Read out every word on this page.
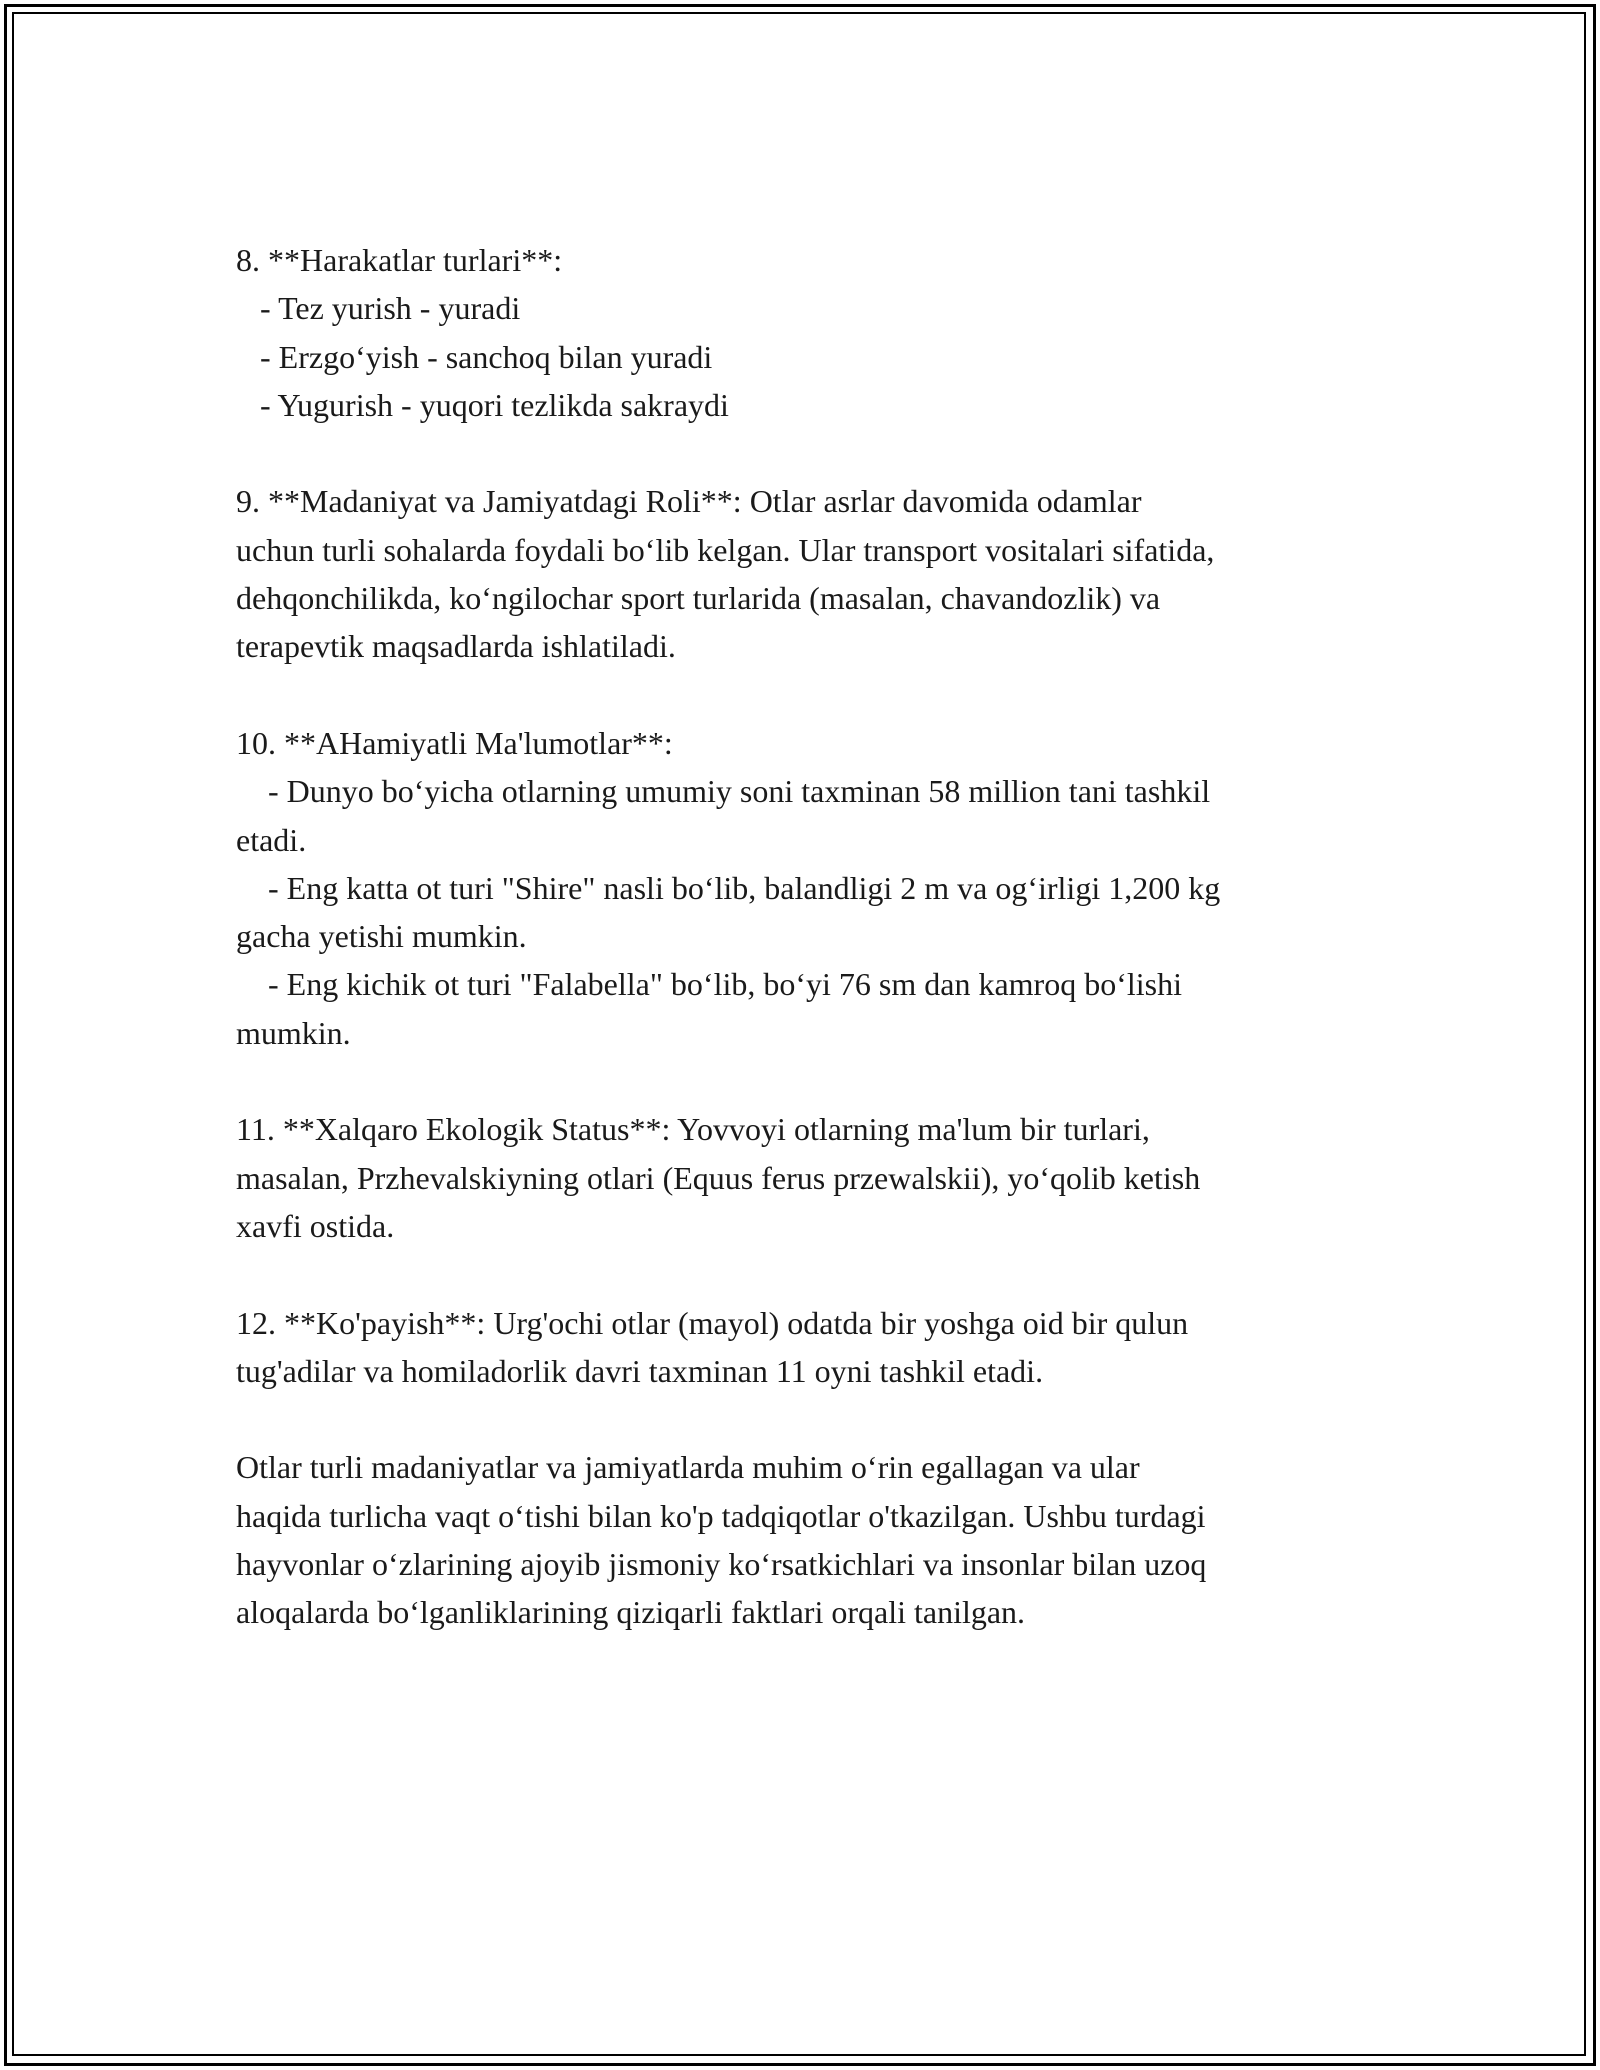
8. **Harakatlar turlari**:
- Tez yurish - yuradi
- Erzgoʻyish - sanchoq bilan yuradi
- Yugurish - yuqori tezlikda sakraydi
9. **Madaniyat va Jamiyatdagi Roli**: Otlar asrlar davomida odamlar
uchun turli sohalarda foydali boʻlib kelgan. Ular transport vositalari sifatida,
dehqonchilikda, koʻngilochar sport turlarida (masalan, chavandozlik) va
terapevtik maqsadlarda ishlatiladi.
10. **AHamiyatli Ma'lumotlar**:
- Dunyo boʻyicha otlarning umumiy soni taxminan 58 million tani tashkil
etadi.
- Eng katta ot turi "Shire" nasli boʻlib, balandligi 2 m va ogʻirligi 1,200 kg
gacha yetishi mumkin.
- Eng kichik ot turi "Falabella" boʻlib, boʻyi 76 sm dan kamroq boʻlishi
mumkin.
11. **Xalqaro Ekologik Status**: Yovvoyi otlarning ma'lum bir turlari,
masalan, Przhevalskiyning otlari (Equus ferus przewalskii), yoʻqolib ketish
xavfi ostida.
12. **Ko'payish**: Urg'ochi otlar (mayol) odatda bir yoshga oid bir qulun
tug'adilar va homiladorlik davri taxminan 11 oyni tashkil etadi.
Otlar turli madaniyatlar va jamiyatlarda muhim oʻrin egallagan va ular
haqida turlicha vaqt oʻtishi bilan ko'p tadqiqotlar o'tkazilgan. Ushbu turdagi
hayvonlar oʻzlarining ajoyib jismoniy koʻrsatkichlari va insonlar bilan uzoq
aloqalarda boʻlganliklarining qiziqarli faktlari orqali tanilgan.
